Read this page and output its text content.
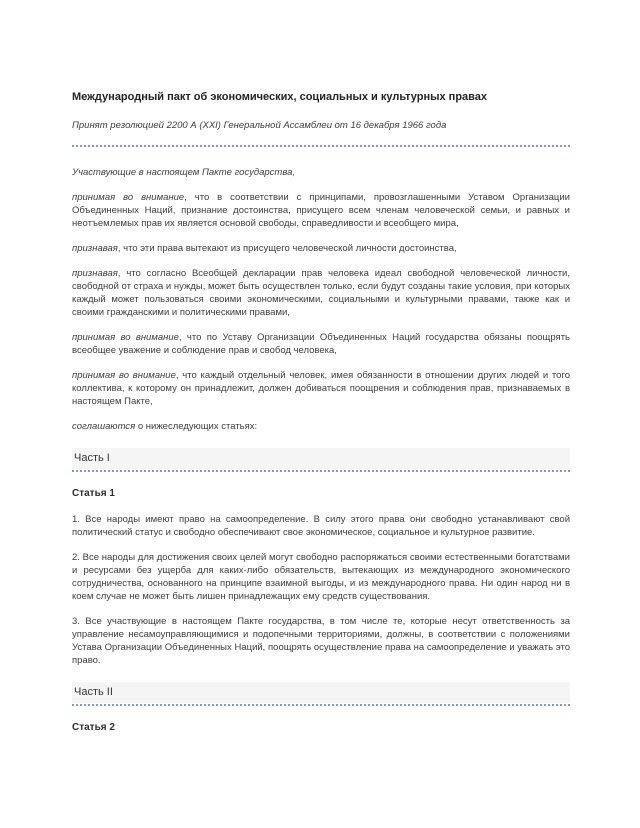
Международный пакт об экономических, социальных и культурных правах

Принят резолюцией 2200 А (XXI) Генеральной Ассамблеи от 16 декабря 1966 года

Участвующие в настоящем Пакте государства,

принимая во внимание, что в соответствии с принципами, провозглашенными Уставом Организации Объединенных Наций, признание достоинства, присущего всем членам человеческой семьи, и равных и неотъемлемых прав их является основой свободы, справедливости и всеобщего мира,

признавая, что эти права вытекают из присущего человеческой личности достоинства,

признавая, что согласно Всеобщей декларации прав человека идеал свободной человеческой личности, свободной от страха и нужды, может быть осуществлен только, если будут созданы такие условия, при которых каждый может пользоваться своими экономическими, социальными и культурными правами, также как и своими гражданскими и политическими правами,

принимая во внимание, что по Уставу Организации Объединенных Наций государства обязаны поощрять всеобщее уважение и соблюдение прав и свобод человека,

принимая во внимание, что каждый отдельный человек, имея обязанности в отношении других людей и того коллектива, к которому он принадлежит, должен добиваться поощрения и соблюдения прав, признаваемых в настоящем Пакте,

соглашаются о нижеследующих статьях:

Часть I
Статья 1

1. Все народы имеют право на самоопределение. В силу этого права они свободно устанавливают свой политический статус и свободно обеспечивают свое экономическое, социальное и культурное развитие.

2. Все народы для достижения своих целей могут свободно распоряжаться своими естественными богатствами и ресурсами без ущерба для каких-либо обязательств, вытекающих из международного экономического сотрудничества, основанного на принципе взаимной выгоды, и из международного права. Ни один народ ни в коем случае не может быть лишен принадлежащих ему средств существования.

3. Все участвующие в настоящем Пакте государства, в том числе те, которые несут ответственность за управление несамоуправляющимися и подопечными территориями, должны, в соответствии с положениями Устава Организации Объединенных Наций, поощрять осуществление права на самоопределение и уважать это право.

Часть II
Статья 2
